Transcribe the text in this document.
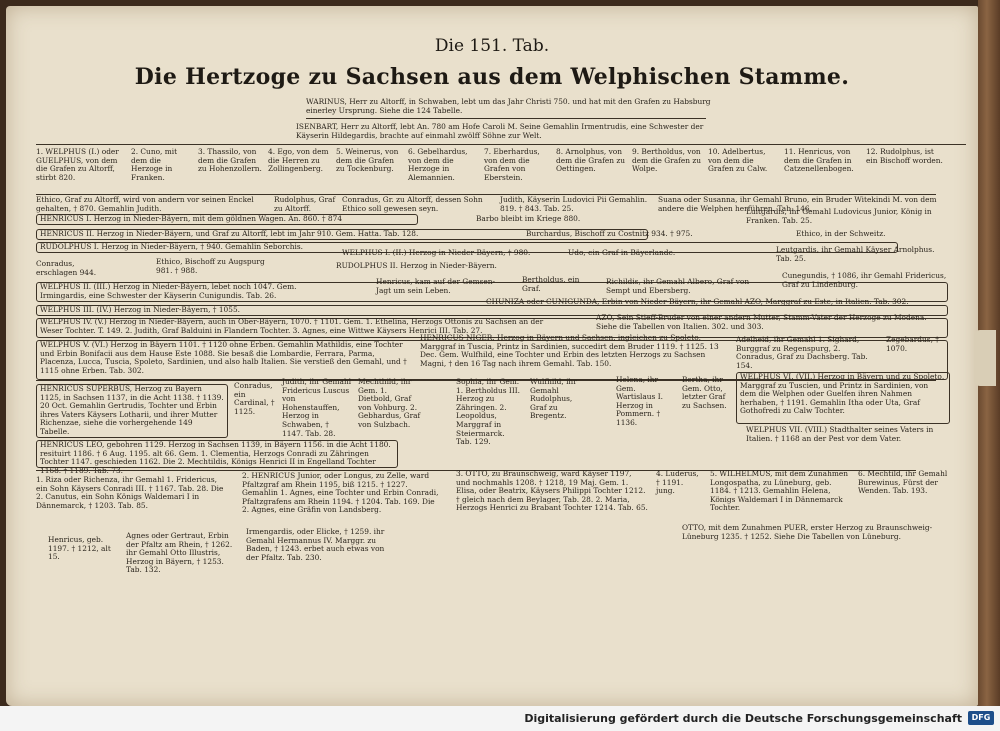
Die 151. Tab.
Die Hertzoge zu Sachsen aus dem Welphischen Stamme.
WARINUS, Herr zu Altorff, in Schwaben, lebt um das Jahr Christi 750. und hat mit den Grafen zu Habsburg einerley Ursprung. Siehe die 124 Tabelle.
ISENBART, Herr zu Altorff, lebt An. 780 am Hofe Caroli M. Seine Gemahlin Irmentrudis, eine Schwester der Käyserin Hildegardis, brachte auf einmahl zwölff Söhne zur Welt.
1. WELPHUS (I.) oder GUELPHUS, von dem die Grafen zu Altorff, stirbt 820.
2. Cuno, mit dem die Herzoge in Franken.
3. Thassilo, von dem die Grafen zu Hohenzollern.
4. Ego, von dem die Herren zu Zollingenberg.
5. Weinerus, von dem die Grafen zu Tockenburg.
6. Gebelhardus, von dem die Herzoge in Alemannien.
7. Eberhardus, von dem die Grafen von Eberstein.
8. Arnolphus, von dem die Grafen zu Oettingen.
9. Bertholdus, von dem die Grafen zu Wolpe.
10. Adelbertus, von dem die Grafen zu Calw.
11. Henricus, von dem die Grafen in Catzenellenbogen.
12. Rudolphus, ist ein Bischoff worden.
Ethico, Graf zu Altorff, wird von andern vor seinen Enckel gehalten, † 870. Gemahlin Judith.
Rudolphus, Graf zu Altorff.
Conradus, Gr. zu Altorff, dessen Sohn Ethico soll gewesen seyn.
Judith, Käyserin Ludovici Pii Gemahlin. 819. † 843. Tab. 25.
Suana oder Susanna, ihr Gemahl Bruno, ein Bruder Witekindi M. von dem andere die Welphen herführen. Tab. 146.
HENRICUS I. Herzog in Nieder-Bäyern, mit dem göldnen Wagen. An. 860. † 874	Barbo bleibt im Kriege 880.
Luitgardis, ihr Gemahl Ludovicus Junior, König in Franken. Tab. 25.
HENRICUS II. Herzog in Nieder-Bäyern, und Graf zu Altorff, lebt im Jahr 910. Gem. Hatta. Tab. 128.	Burchardus, Bischoff zu Costnitz 934. † 975.	Ethico, in der Schweitz.
RUDOLPHUS I. Herzog in Nieder-Bäyern, † 940. Gemahlin Seborchis.
WELPHUS I. (II.) Herzog in Nieder-Bäyern, † 980.	Udo, ein Graf in Bäyerlande.	Leutgardis, ihr Gemahl Käyser Arnolphus. Tab. 25.
Conradus, erschlagen 944.
Ethico, Bischoff zu Augspurg 981. † 988.
RUDOLPHUS II. Herzog in Nieder-Bäyern.
WELPHUS II. (III.) Herzog in Nieder-Bäyern, lebet noch 1047. Gem. Irmingardis, eine Schwester der Käyserin Cunigundis. Tab. 26.
Henricus, kam auf der Gemsen-Jagt um sein Leben.
Bertholdus, ein Graf.
Richildis, ihr Gemahl Albero, Graf von Sempt und Ebersberg.
Cunegundis, † 1086, ihr Gemahl Fridericus, Graf zu Lindenburg.
WELPHUS III. (IV.) Herzog in Nieder-Bäyern, † 1055.
CHUNIZA oder CUNIGUNDA, Erbin von Nieder-Bäyern, ihr Gemahl AZO, Marggraf zu Este, in Italien. Tab. 302.
WELPHUS IV. (V.) Herzog in Nieder-Bäyern, auch in Ober-Bäyern, 1070. † 1101. Gem. 1. Ethelina, Herzogs Ottonis zu Sachsen an der Weser Tochter. T. 149. 2. Judith, Graf Balduini in Flandern Tochter. 3. Agnes, eine Wittwe Käysers Henrici III. Tab. 27.
AZO, Sein Stieff-Bruder von einer andern Mutter, Stamm-Vater der Herzoge zu Modena. Siehe die Tabellen von Italien. 302. und 303.
WELPHUS V. (VI.) Herzog in Bäyern 1101. † 1120 ohne Erben. Gemahlin Mathildis, eine Tochter und Erbin Bonifacii aus dem Hause Este 1088. Sie besaß die Lombardie, Ferrara, Parma, Placenza, Lucca, Tuscia, Spoleto, Sardinien, und also halb Italien. Sie verstieß den Gemahl, und † 1115 ohne Erben. Tab. 302.
HENRICUS NIGER, Herzog in Bäyern und Sachsen, ingleichen zu Spoleto, Marggraf in Tuscia, Printz in Sardinien, succedirt dem Bruder 1119. † 1125. 13 Dec. Gem. Wulfhild, eine Tochter und Erbin des letzten Herzogs zu Sachsen Magni, † den 16 Tag nach ihrem Gemahl. Tab. 150.
Adelheid, ihr Gemahl 1. Sighard, Burggraf zu Regenspurg, 2. Conradus, Graf zu Dachsberg. Tab. 154.
Zegebardus, † 1070.
HENRICUS SUPERBUS, Herzog zu Bayern 1125, in Sachsen 1137, in die Acht 1138. † 1139. 20 Oct. Gemahlin Gertrudis, Tochter und Erbin ihres Vaters Käysers Lotharii, und ihrer Mutter Richenzae, siehe die vorhergehende 149 Tabelle.
Conradus, ein Cardinal, † 1125.
Judith, ihr Gemahl Fridericus Luscus von Hohenstauffen, Herzog in Schwaben, † 1147. Tab. 28.
Mechthild, ihr Gem. 1. Dietbold, Graf von Vohburg. 2. Gebhardus, Graf von Sulzbach.
Sophia, ihr Gem. 1. Bertholdus III. Herzog zu Zähringen. 2. Leopoldus, Marggraf in Steiermarck. Tab. 129.
Wulfhild, ihr Gemahl Rudolphus, Graf zu Bregentz.
Helena, ihr Gem. Wartislaus I. Herzog in Pommern. † 1136.
Bertha, ihr Gem. Otto, letzter Graf zu Sachsen.
WELPHUS VI. (VII.) Herzog in Bäyern und zu Spoleto, Marggraf zu Tuscien, und Printz in Sardinien, von dem die Welphen oder Guelfen ihren Nahmen herhaben, † 1191. Gemahlin Itha oder Uta, Graf Gothofredi zu Calw Tochter.
HENRICUS LEO, gebohren 1129. Herzog in Sachsen 1139, in Bäyern 1156. in die Acht 1180. resituirt 1186. † 6 Aug. 1195. alt 66. Gem. 1. Clementia, Herzogs Conradi zu Zähringen Tochter 1147. geschieden 1162. Die 2. Mechtildis, Königs Henrici II in Engelland Tochter
WELPHUS VII. (VIII.) Stadthalter seines Vaters in Italien. † 1168 an der Pest vor dem Vater.
1. Riza oder Richenza, ihr Gemahl 1. Fridericus, ein Sohn Käysers Conradi III. † 1167. Tab. 28. Die 2. Canutus, ein Sohn Königs Waldemari I in Dännemarck, † 1203. Tab. 85.
2. HENRICUS Junior, oder Longus, zu Zelle, ward Pfaltzgraf am Rhein 1195, biß 1215. † 1227. Gemahlin 1. Agnes, eine Tochter und Erbin Conradi, Pfaltzgrafens am Rhein 1194. † 1204. Tab. 169. Die 2. Agnes, eine Gräfin von Landsberg.
3. OTTO, zu Braunschweig, ward Käyser 1197, und nochmahls 1208. † 1218, 19 Maj. Gem. 1. Elisa, oder Beatrix, Käysers Philippi Tochter 1212. † gleich nach dem Beylager, Tab. 28. 2. Maria, Herzogs Henrici zu Brabant Tochter 1214. Tab. 65.
4. Luderus, † 1191. jung.
5. WILHELMUS, mit dem Zunahmen Longospatha, zu Lüneburg, geb. 1184. † 1213. Gemahlin Helena, Königs Waldemari I in Dännemarck Tochter.
6. Mechtild, ihr Gemahl Burewinus, Fürst der Wenden. Tab. 193.
Henricus, geb. 1197. † 1212, alt 15.
Agnes oder Gertraut, Erbin der Pfaltz am Rhein, † 1262. ihr Gemahl Otto Illustris, Herzog in Bäyern, † 1253. Tab. 132.
Irmengardis, oder Elicke, † 1259. ihr Gemahl Hermannus IV. Marggr. zu Baden, † 1243. erbet auch etwas von der Pfaltz. Tab. 230.
OTTO, mit dem Zunahmen PUER, erster Herzog zu Braunschweig-Lüneburg 1235. † 1252. Siehe Die Tabellen von Lüneburg.
Digitalisierung gefördert durch die Deutsche Forschungsgemeinschaft	DFG
